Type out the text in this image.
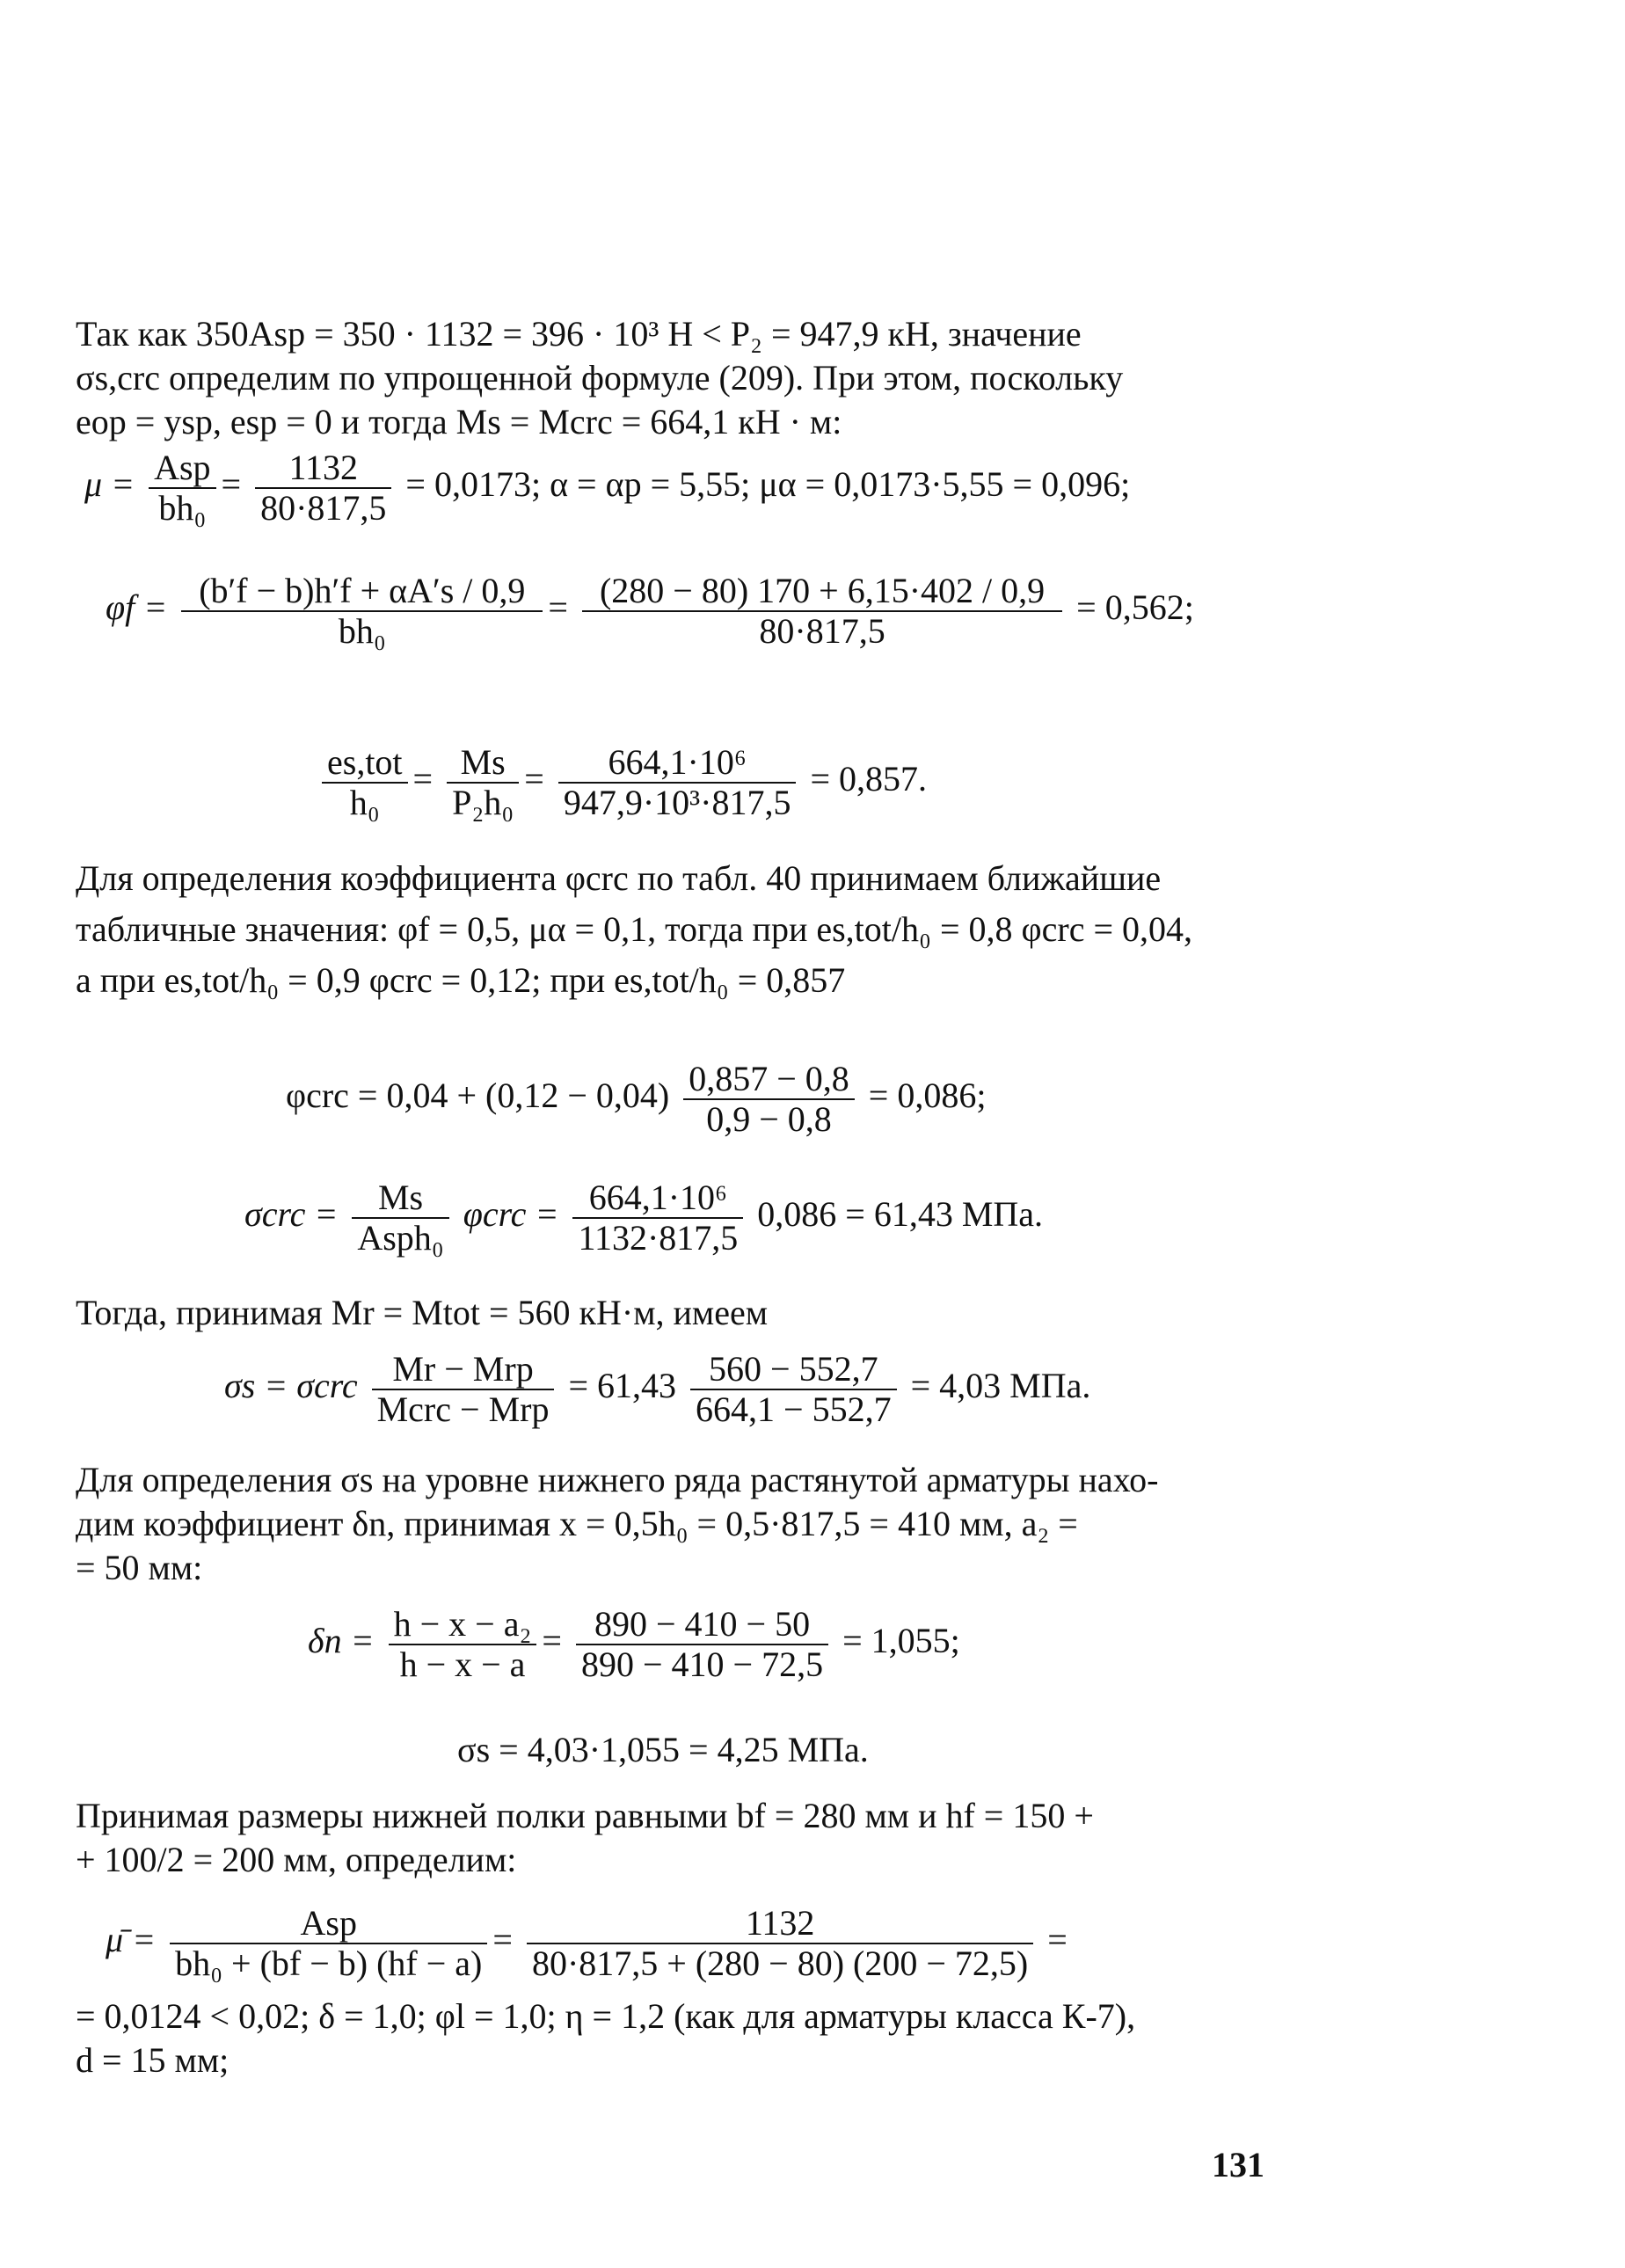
Так как 350Asp = 350 · 1132 = 396 · 10³ Н < P₂ = 947,9 кН, значение
σs,crc определим по упрощенной формуле (209). При этом, поскольку
eop = ysp, esp = 0 и тогда Ms = Mcrc = 664,1 кН · м:
$\mu = \frac{\text{Asp}}{\text{bh₀}} = \frac{1132}{80\cdot 817,5} = 0,0173$; α = αp = 5,55; μα = 0,0173·5,55 = 0,096;
$\varphi f = \frac{(b'f - b)h'f + \alpha A's / 0,9}{\text{bh₀}} = \frac{(280 - 80) 170 + 6,15\cdot 402 / 0,9}{80\cdot 817,5} = 0,562$;
$\frac{\text{es,tot}}{\text{h₀}} = \frac{Ms}{\text{P₂h₀}} = \frac{\text{664,1·10⁶}}{\text{947,9·10³·817,5}} = 0,857$.
Для определения коэффициента φcrc по табл. 40 принимаем ближайшие
табличные значения: φf = 0,5, μα = 0,1, тогда при es,tot/h₀ = 0,8 φcrc = 0,04,
а при es,tot/h₀ = 0,9 φcrc = 0,12; при es,tot/h₀ = 0,857
$\varphi crc = 0,04 + (0,12 - 0,04) \frac{0,857 - 0,8}{0,9 - 0,8} = 0,086$;
$\sigma crc = \frac{Ms}{\text{Asph₀}}$ $\varphi crc = \frac{\text{664,1·10⁶}}{1132\cdot 817,5} 0,086 = 61,43$ МПа.
Тогда, принимая Mr = Mtot = 560 кН·м, имеем
σs = σcrc $\frac{\text{Mr − Mrp}}{\text{Mcrc − Mrp}} = 61,43 \frac{560 - 552,7}{664,1 - 552,7} = 4,03$ МПа.
Для определения σs на уровне нижнего ряда растянутой арматуры нахо-
дим коэффициент δn, принимая x = 0,5h₀ = 0,5·817,5 = 410 мм, a₂ =
= 50 мм:
$\delta n = \frac{\text{h − x − a₂}}{h - x - a} = \frac{890 - 410 - 50}{890 - 410 - 72,5} = 1,055$;
σs = 4,03·1,055 = 4,25 МПа.
Принимая размеры нижней полки равными bf = 280 мм и hf = 150 +
+ 100/2 = 200 мм, определим:
μ̄ = $\frac{\text{Asp}}{\text{bh₀ + (bf − b) (hf − a)}} = \frac{1132}{80\cdot 817,5 + (280 - 80) (200 - 72,5)}$ =
= 0,0124 < 0,02; δ = 1,0; φl = 1,0; η = 1,2 (как для арматуры класса К-7),
d = 15 мм;
131
